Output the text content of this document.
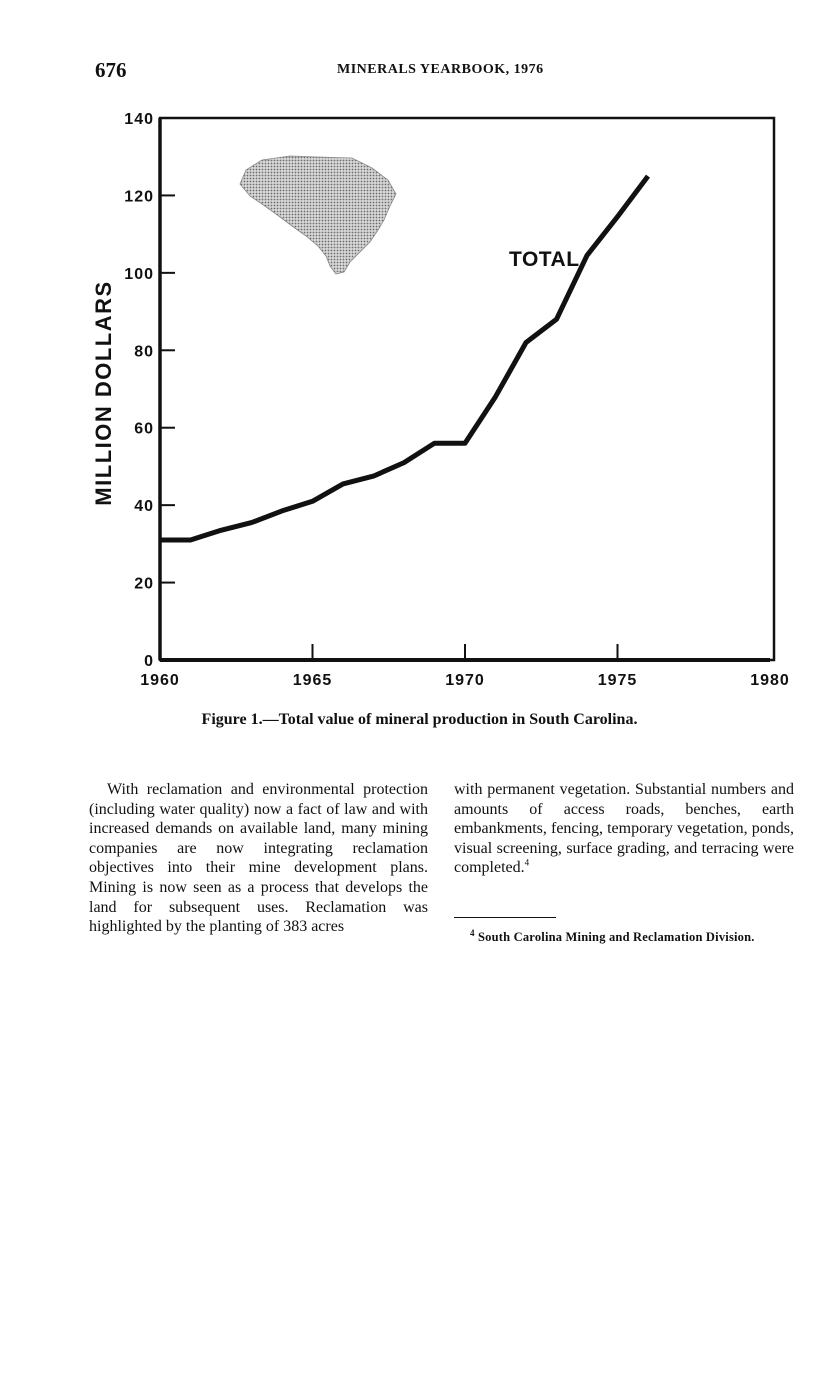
676	MINERALS YEARBOOK, 1976
0
20
40
60
80
100
120
140
1960	1965	1970	1975	1980
MILLION DOLLARS
TOTAL
Figure 1.—Total value of mineral production in South Carolina.
With reclamation and environmental protection (including water quality) now a fact of law and with increased demands on available land, many mining companies are now integrating reclamation objectives into their mine development plans. Mining is now seen as a process that develops the land for subsequent uses. Reclamation was highlighted by the planting of 383 acres
with permanent vegetation. Substantial numbers and amounts of access roads, benches, earth embankments, fencing, temporary vegetation, ponds, visual screening, surface grading, and terracing were completed.$^4$
$^4$ South Carolina Mining and Reclamation Division.
